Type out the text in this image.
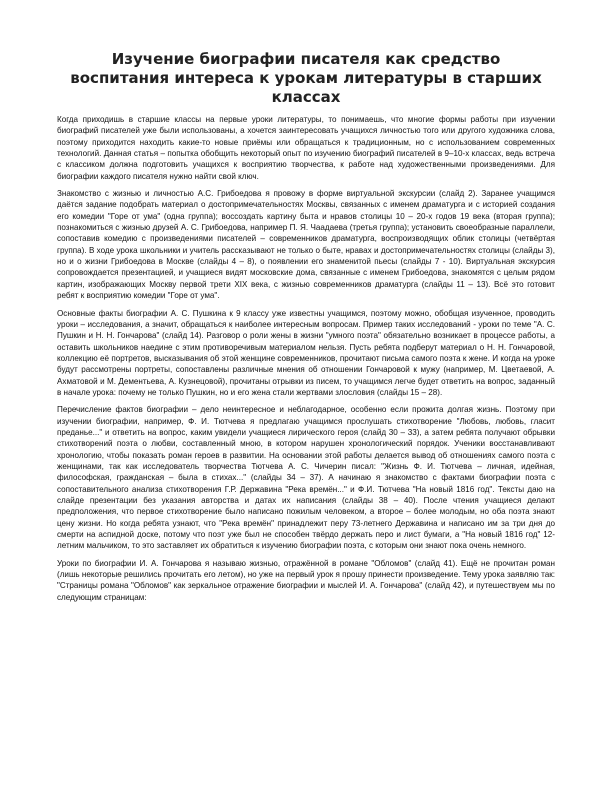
Изучение биографии писателя как средство воспитания интереса к урокам литературы в старших классах

Когда приходишь в старшие классы на первые уроки литературы, то понимаешь, что многие формы работы при изучении биографий писателей уже были использованы, а хочется заинтересовать учащихся личностью того или другого художника слова, поэтому приходится находить какие-то новые приёмы или обращаться к традиционным, но с использованием современных технологий. Данная статья – попытка обобщить некоторый опыт по изучению биографий писателей в 9–10-х классах, ведь встреча с классиком должна подготовить учащихся к восприятию творчества, к работе над художественными произведениями. Для биографии каждого писателя нужно найти свой ключ.

Знакомство с жизнью и личностью А.С. Грибоедова я провожу в форме виртуальной экскурсии (слайд 2). Заранее учащимся даётся задание подобрать материал о достопримечательностях Москвы, связанных с именем драматурга и с историей создания его комедии "Горе от ума" (одна группа); воссоздать картину быта и нравов столицы 10 – 20-х годов 19 века (вторая группа); познакомиться с жизнью друзей А. С. Грибоедова, например П. Я. Чаадаева (третья группа); установить своеобразные параллели, сопоставив комедию с произведениями писателей – современников драматурга, воспроизводящих облик столицы (четвёртая группа). В ходе урока школьники и учитель рассказывают не только о быте, нравах и достопримечательностях столицы (слайды 3), но и о жизни Грибоедова в Москве (слайды 4 – 8), о появлении его знаменитой пьесы (слайды 7 - 10). Виртуальная экскурсия сопровождается презентацией, и учащиеся видят московские дома, связанные с именем Грибоедова, знакомятся с целым рядом картин, изображающих Москву первой трети XIX века, с жизнью современников драматурга (слайды 11 – 13). Всё это готовит ребят к восприятию комедии "Горе от ума".

Основные факты биографии А. С. Пушкина к 9 классу уже известны учащимся, поэтому можно, обобщая изученное, проводить уроки – исследования, а значит, обращаться к наиболее интересным вопросам. Пример таких исследований - уроки по теме "А. С. Пушкин и Н. Н. Гончарова" (слайд 14). Разговор о роли жены в жизни "умного поэта" обязательно возникает в процессе работы, а оставить школьников наедине с этим противоречивым материалом нельзя. Пусть ребята подберут материал о Н. Н. Гончаровой, коллекцию её портретов, высказывания об этой женщине современников, прочитают письма самого поэта к жене. И когда на уроке будут рассмотрены портреты, сопоставлены различные мнения об отношении Гончаровой к мужу (например, М. Цветаевой, А. Ахматовой и М. Дементьева, А. Кузнецовой), прочитаны отрывки из писем, то учащимся легче будет ответить на вопрос, заданный в начале урока: почему не только Пушкин, но и его жена стали жертвами злословия (слайды 15 – 28).

Перечисление фактов биографии – дело неинтересное и неблагодарное, особенно если прожита долгая жизнь. Поэтому при изучении биографии, например, Ф. И. Тютчева я предлагаю учащимся прослушать стихотворение "Любовь, любовь, гласит преданье..." и ответить на вопрос, каким увидели учащиеся лирического героя (слайд 30 – 33), а затем ребята получают обрывки стихотворений поэта о любви, составленный мною, в котором нарушен хронологический порядок. Ученики восстанавливают хронологию, чтобы показать роман героев в развитии. На основании этой работы делается вывод об отношениях самого поэта с женщинами, так как исследователь творчества Тютчева А. С. Чичерин писал: "Жизнь Ф. И. Тютчева – личная, идейная, философская, гражданская – была в стихах..." (слайды 34 – 37). А начинаю я знакомство с фактами биографии поэта с сопоставительного анализа стихотворения Г.Р. Державина "Река времён..." и Ф.И. Тютчева "На новый 1816 год". Тексты даю на слайде презентации без указания авторства и датах их написания (слайды 38 – 40). После чтения учащиеся делают предположения, что первое стихотворение было написано пожилым человеком, а второе – более молодым, но оба поэта знают цену жизни. Но когда ребята узнают, что "Река времён" принадлежит перу 73-летнего Державина и написано им за три дня до смерти на аспидной доске, потому что поэт уже был не способен твёрдо держать перо и лист бумаги, а "На новый 1816 год" 12-летним мальчиком, то это заставляет их обратиться к изучению биографии поэта, с которым они знают пока очень немного.

Уроки по биографии И. А. Гончарова я называю жизнью, отражённой в романе "Обломов" (слайд 41). Ещё не прочитан роман (лишь некоторые решились прочитать его летом), но уже на первый урок я прошу принести произведение. Тему урока заявляю так: "Страницы романа "Обломов" как зеркальное отражение биографии и мыслей И. А. Гончарова" (слайд 42), и путешествуем мы по следующим страницам:
